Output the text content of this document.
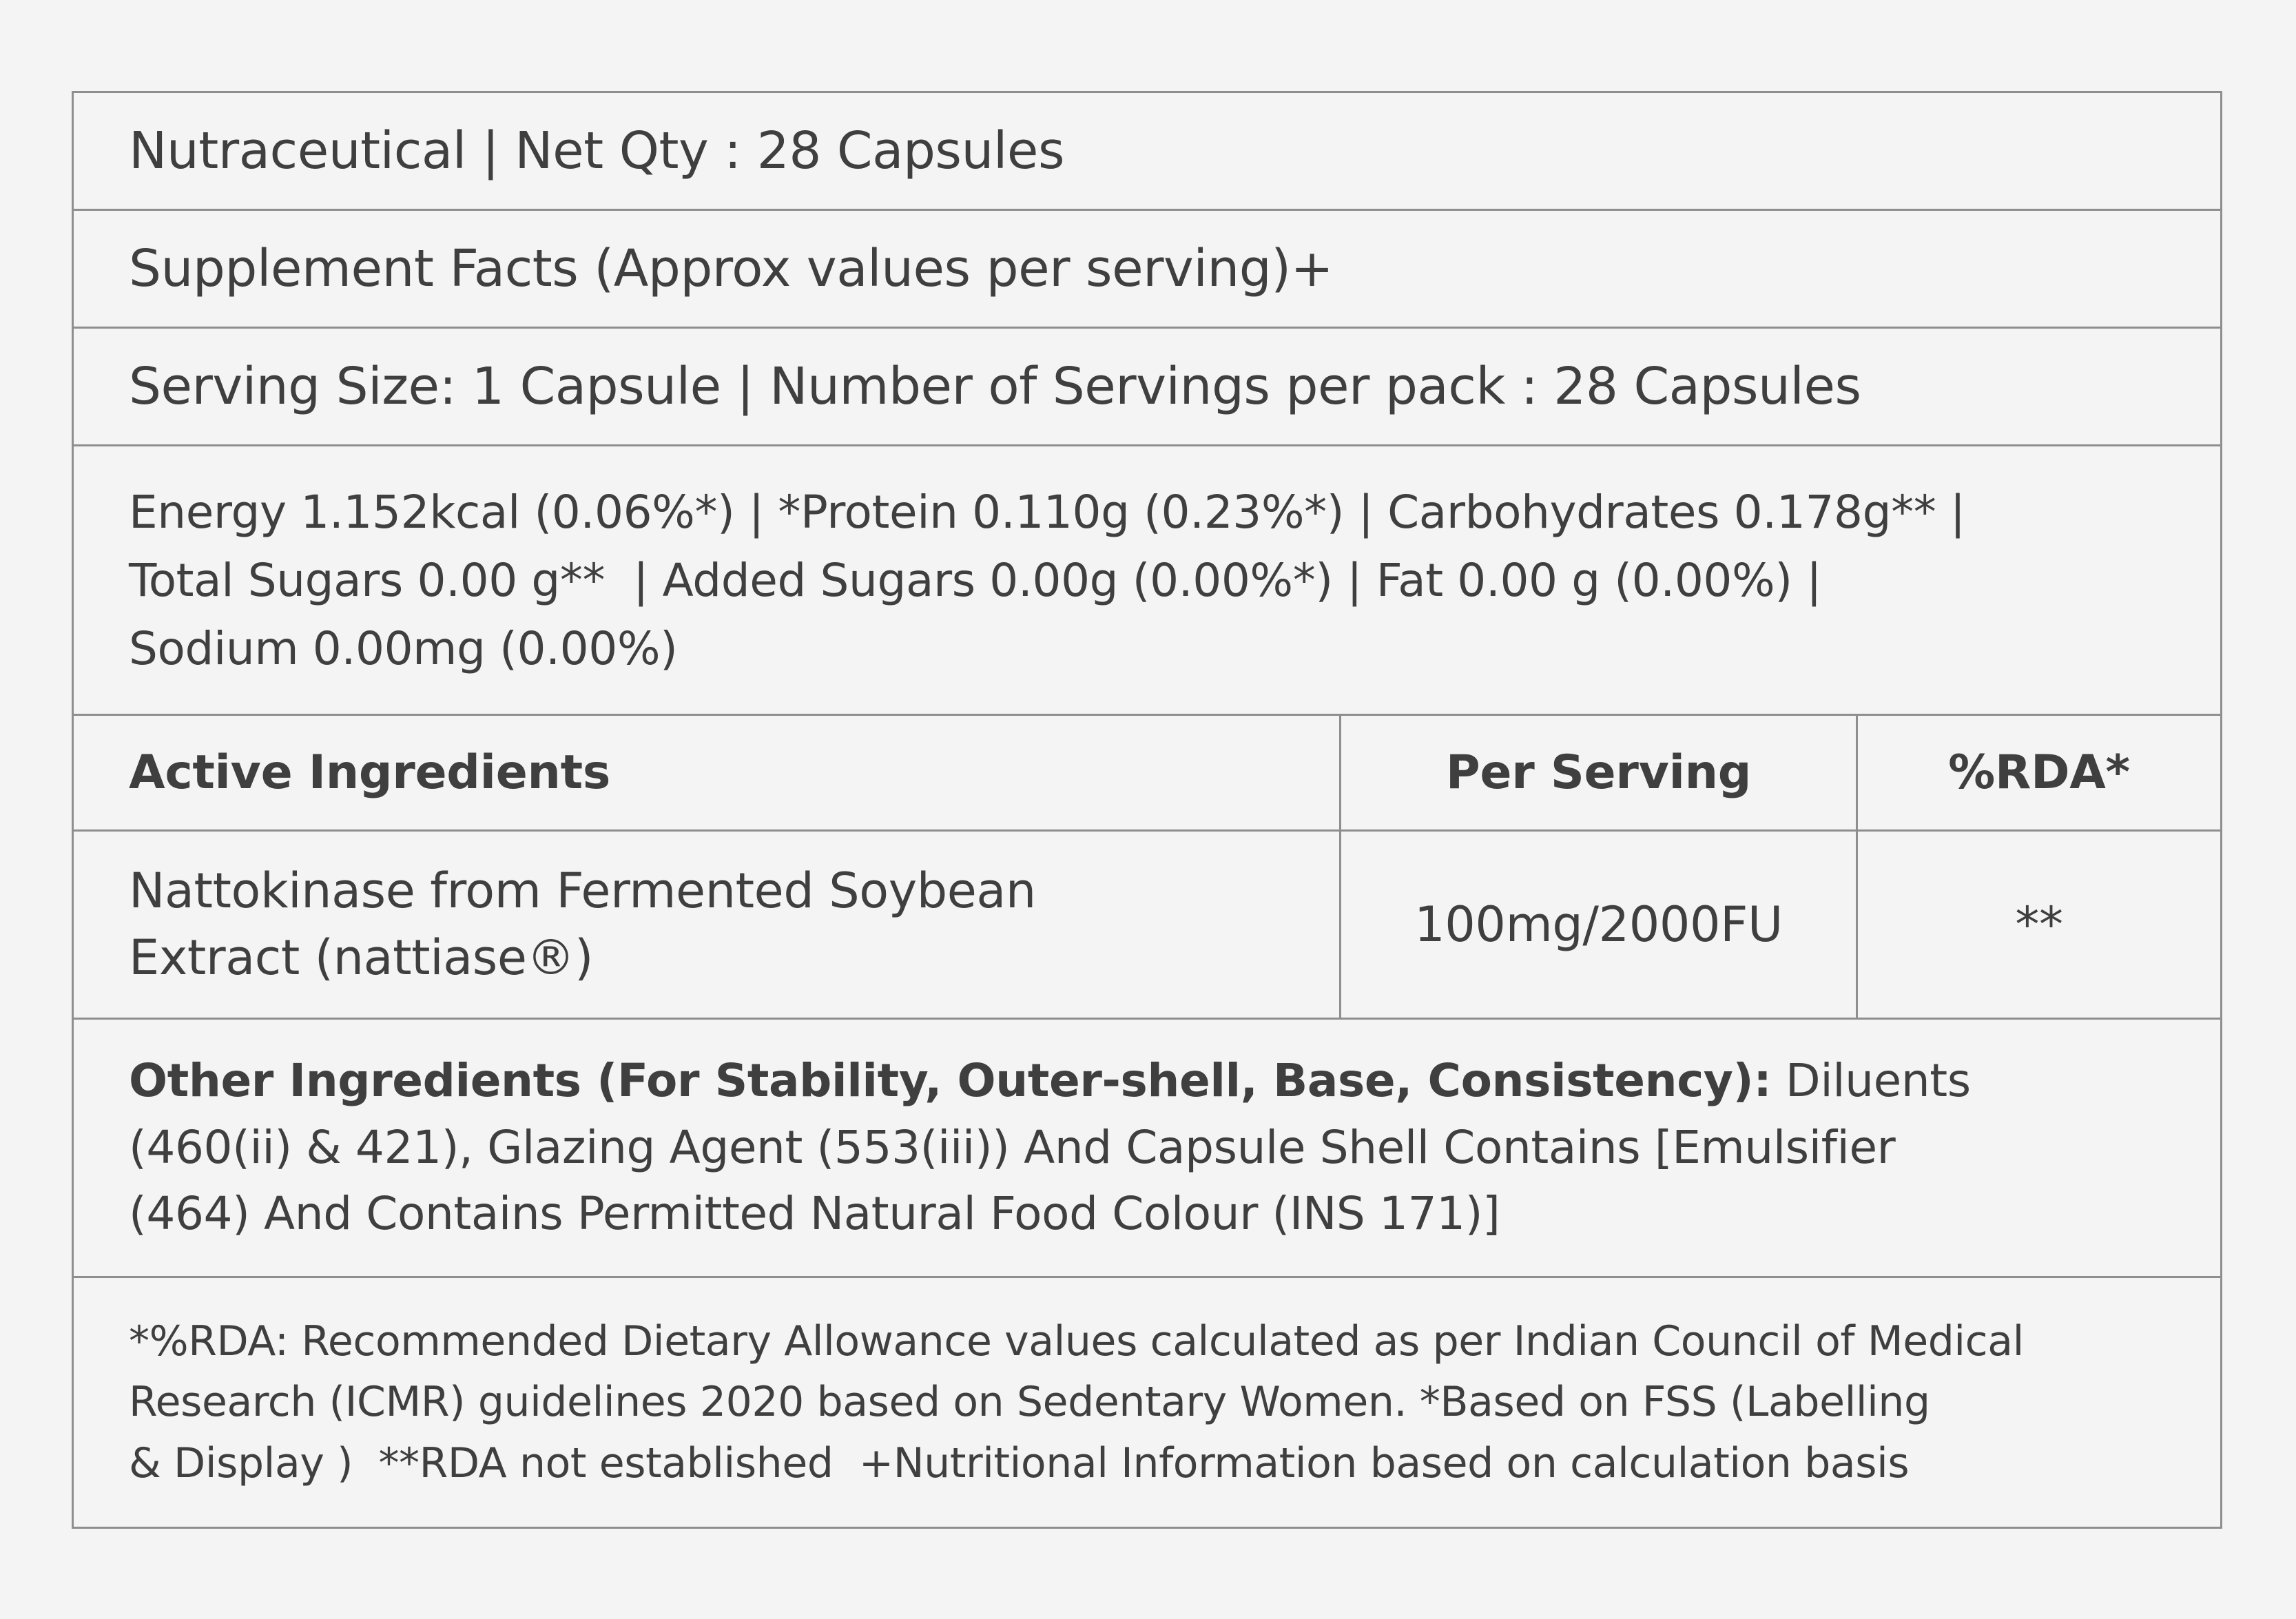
Nutraceutical | Net Qty : 28 Capsules
Supplement Facts (Approx values per serving)+
Serving Size: 1 Capsule | Number of Servings per pack : 28 Capsules
Energy 1.152kcal (0.06%*) | *Protein 0.110g (0.23%*) | Carbohydrates 0.178g** |
Total Sugars 0.00 g**  | Added Sugars 0.00g (0.00%*) | Fat 0.00 g (0.00%) |
Sodium 0.00mg (0.00%)
Active Ingredients	Per Serving	%RDA*
Nattokinase from Fermented Soybean
Extract (nattiase®)
100mg/2000FU	**
Other Ingredients (For Stability, Outer-shell, Base, Consistency): Diluents
(460(ii) & 421), Glazing Agent (553(iii)) And Capsule Shell Contains [Emulsifier
(464) And Contains Permitted Natural Food Colour (INS 171)]
*%RDA: Recommended Dietary Allowance values calculated as per Indian Council of Medical
Research (ICMR) guidelines 2020 based on Sedentary Women. *Based on FSS (Labelling
& Display )  **RDA not established  +Nutritional Information based on calculation basis
